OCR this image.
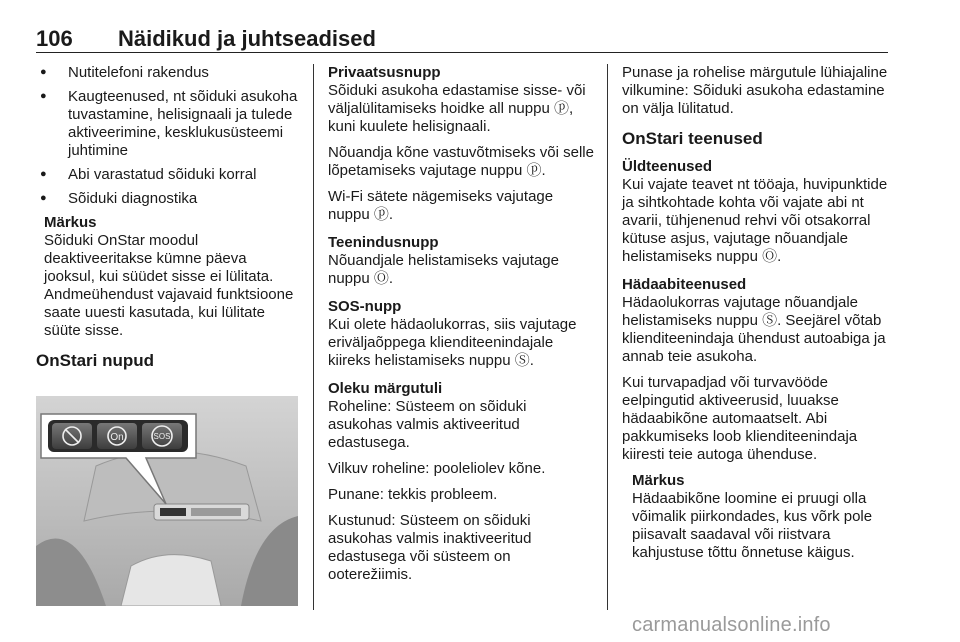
106 Näidikud ja juhtseadised
● Nutitelefoni rakendus
● Kaugteenused, nt sõiduki asukoha tuvastamine, helisignaali ja tulede aktiveerimine, kesklukusüsteemi juhtimine
● Abi varastatud sõiduki korral
● Sõiduki diagnostika
Märkus
Sõiduki OnStar moodul deaktiveeritakse kümne päeva jooksul, kui süüdet sisse ei lülitata. Andmeühendust vajavaid funktsioone saate uuesti kasutada, kui lülitate süüte sisse.
OnStari nupud
On	SOS
Privaatsusnupp
Sõiduki asukoha edastamise sisse- või väljalülitamiseks hoidke all nuppu ⓟ, kuni kuulete helisignaali.
Nõuandja kõne vastuvõtmiseks või selle lõpetamiseks vajutage nuppu ⓟ.
Wi-Fi sätete nägemiseks vajutage nuppu ⓟ.
Teenindusnupp
Nõuandjale helistamiseks vajutage nuppu Ⓞ.
SOS-nupp
Kui olete hädaolukorras, siis vajutage eriväljaõppega klienditeenindajale kiireks helistamiseks nuppu Ⓢ.
Oleku märgutuli
Roheline: Süsteem on sõiduki asukohas valmis aktiveeritud edastusega.
Vilkuv roheline: pooleliolev kõne.
Punane: tekkis probleem.
Kustunud: Süsteem on sõiduki asukohas valmis inaktiveeritud edastusega või süsteem on ooterežiimis.
Punase ja rohelise märgutule lühiajaline vilkumine: Sõiduki asukoha edastamine on välja lülitatud.
OnStari teenused
Üldteenused
Kui vajate teavet nt tööaja, huvipunktide ja sihtkohtade kohta või vajate abi nt avarii, tühjenenud rehvi või otsakorral kütuse asjus, vajutage nõuandjale helistamiseks nuppu Ⓞ.
Hädaabiteenused
Hädaolukorras vajutage nõuandjale helistamiseks nuppu Ⓢ. Seejärel võtab klienditeenindaja ühendust autoabiga ja annab teie asukoha.
Kui turvapadjad või turvavööde eelpingutid aktiveerusid, luuakse hädaabikõne automaatselt. Abi pakkumiseks loob klienditeenindaja kiiresti teie autoga ühenduse.
Märkus
Hädaabikõne loomine ei pruugi olla võimalik piirkondades, kus võrk pole piisavalt saadaval või riistvara kahjustuse tõttu õnnetuse käigus.
carmanualsonline.info
